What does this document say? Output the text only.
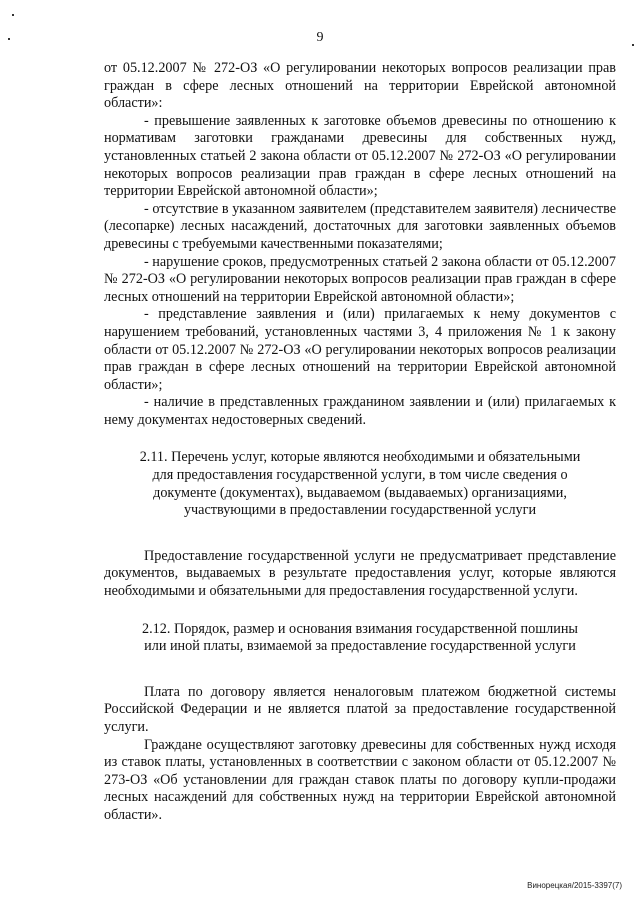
9

от 05.12.2007 № 272-ОЗ «О регулировании некоторых вопросов реализации прав граждан в сфере лесных отношений на территории Еврейской автономной области»:

- превышение заявленных к заготовке объемов древесины по отношению к нормативам заготовки гражданами древесины для собственных нужд, установленных статьей 2 закона области от 05.12.2007 № 272-ОЗ «О регулировании некоторых вопросов реализации прав граждан в сфере лесных отношений на территории Еврейской автономной области»;

- отсутствие в указанном заявителем (представителем заявителя) лесничестве (лесопарке) лесных насаждений, достаточных для заготовки заявленных объемов древесины с требуемыми качественными показателями;

- нарушение сроков, предусмотренных статьей 2 закона области от 05.12.2007 № 272-ОЗ «О регулировании некоторых вопросов реализации прав граждан в сфере лесных отношений на территории Еврейской автономной области»;

- представление заявления и (или) прилагаемых к нему документов с нарушением требований, установленных частями 3, 4 приложения № 1 к закону области от 05.12.2007 № 272-ОЗ «О регулировании некоторых вопросов реализации прав граждан в сфере лесных отношений на территории Еврейской автономной области»;

- наличие в представленных гражданином заявлении и (или) прилагаемых к нему документах недостоверных сведений.

2.11. Перечень услуг, которые являются необходимыми и обязательными для предоставления государственной услуги, в том числе сведения о документе (документах), выдаваемом (выдаваемых) организациями, участвующими в предоставлении государственной услуги

Предоставление государственной услуги не предусматривает представление документов, выдаваемых в результате предоставления услуг, которые являются необходимыми и обязательными для предоставления государственной услуги.

2.12. Порядок, размер и основания взимания государственной пошлины или иной платы, взимаемой за предоставление государственной услуги

Плата по договору является неналоговым платежом бюджетной системы Российской Федерации и не является платой за предоставление государственной услуги.

Граждане осуществляют заготовку древесины для собственных нужд исходя из ставок платы, установленных в соответствии с законом области от 05.12.2007 № 273-ОЗ «Об установлении для граждан ставок платы по договору купли-продажи лесных насаждений для собственных нужд на территории Еврейской автономной области».

Винорецкая/2015-3397(7)
